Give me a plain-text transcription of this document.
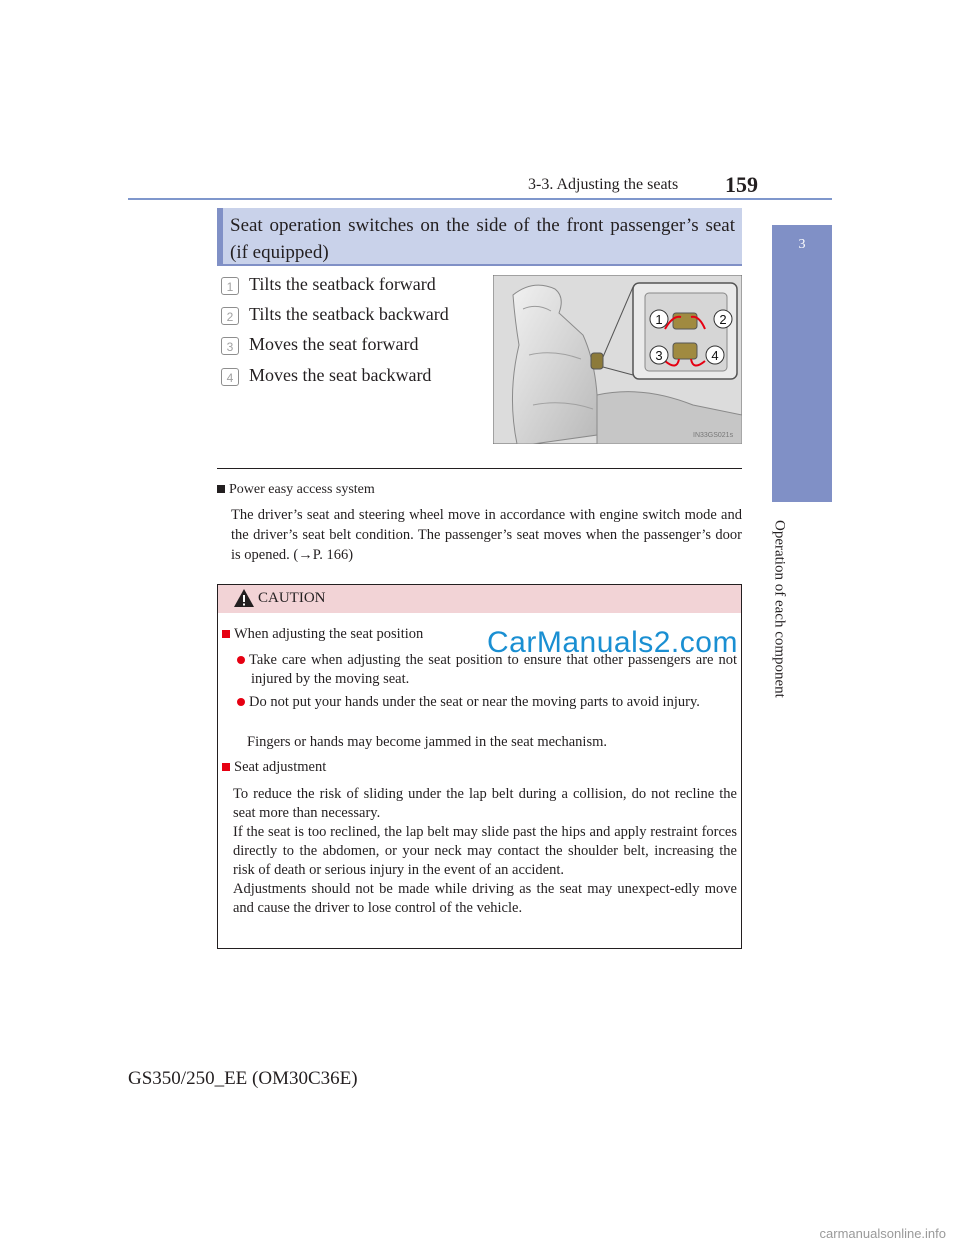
3-3. Adjusting the seats 159
3
Operation of each component
Seat operation switches on the side of the front passenger’s seat (if equipped)
1 Tilts the seatback forward
2 Tilts the seatback backward
3 Moves the seat forward
4 Moves the seat backward
1	2
3	4
IN33GS021s
Power easy access system
The driver’s seat and steering wheel move in accordance with engine switch mode and the driver’s seat belt condition. The passenger’s seat moves when the passenger’s door is opened. (→P. 166)
CAUTION
When adjusting the seat position
Take care when adjusting the seat position to ensure that other passengers are not injured by the moving seat.
Do not put your hands under the seat or near the moving parts to avoid injury.
Fingers or hands may become jammed in the seat mechanism.
Seat adjustment
To reduce the risk of sliding under the lap belt during a collision, do not recline the seat more than necessary.
If the seat is too reclined, the lap belt may slide past the hips and apply restraint forces directly to the abdomen, or your neck may contact the shoulder belt, increasing the risk of death or serious injury in the event of an accident.
Adjustments should not be made while driving as the seat may unexpect-edly move and cause the driver to lose control of the vehicle.
CarManuals2.com
GS350/250_EE (OM30C36E)
carmanualsonline.info
